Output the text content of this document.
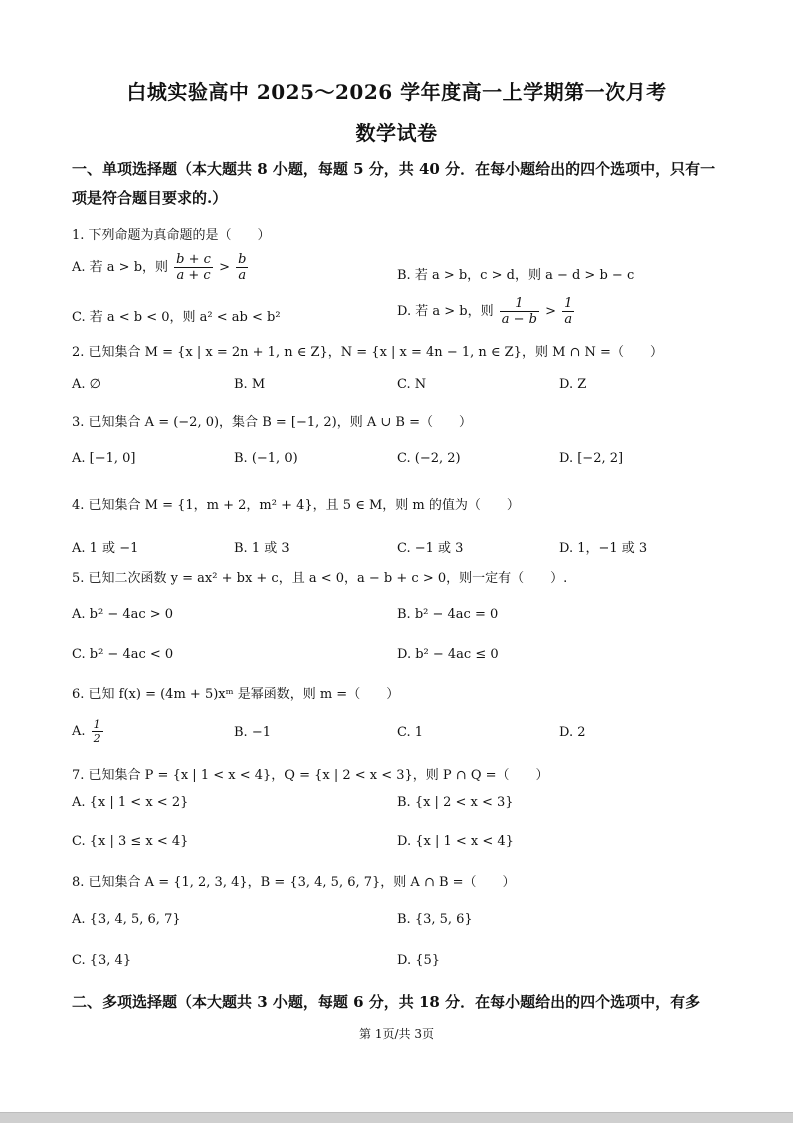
白城实验高中 2025～2026 学年度高一上学期第一次月考
数学试卷
一、单项选择题（本大题共 8 小题，每题 5 分，共 40 分．在每小题给出的四个选项中，只有一项是符合题目要求的.）
1. 下列命题为真命题的是（　　）
A. 若 a > b，则 $\frac{b + c}{a + c} > \frac{b}{a}$	B. 若 a > b，c > d，则 a − d > b − c
C. 若 a < b < 0，则 a² < ab < b²	D. 若 a > b，则 $\frac{1}{a - b} > \frac{1}{a}$
2. 已知集合 M = {x | x = 2n + 1, n ∈ Z}，N = {x | x = 4n − 1, n ∈ Z}，则 M ∩ N =（　　）
A. ∅	B. M	C. N	D. Z
3. 已知集合 A = (−2, 0)，集合 B = [−1, 2)，则 A ∪ B =（　　）
A. [−1, 0]	B. (−1, 0)	C. (−2, 2)	D. [−2, 2]
4. 已知集合 M = {1，m + 2，m² + 4}，且 5 ∈ M，则 m 的值为（　　）
A. 1 或 −1	B. 1 或 3	C. −1 或 3	D. 1，−1 或 3
5. 已知二次函数 y = ax² + bx + c，且 a < 0，a − b + c > 0，则一定有（　　）.
A. b² − 4ac > 0	B. b² − 4ac = 0
C. b² − 4ac < 0	D. b² − 4ac ≤ 0
6. 已知 f(x) = (4m + 5)xᵐ 是幂函数，则 m =（　　）
A. $\frac{1}{2}$	B. −1	C. 1	D. 2
7. 已知集合 P = {x | 1 < x < 4}，Q = {x | 2 < x < 3}，则 P ∩ Q =（　　）
A. {x | 1 < x < 2}	B. {x | 2 < x < 3}
C. {x | 3 ≤ x < 4}	D. {x | 1 < x < 4}
8. 已知集合 A = {1, 2, 3, 4}，B = {3, 4, 5, 6, 7}，则 A ∩ B =（　　）
A. {3, 4, 5, 6, 7}	B. {3, 5, 6}
C. {3, 4}	D. {5}
二、多项选择题（本大题共 3 小题，每题 6 分，共 18 分．在每小题给出的四个选项中，有多
第 1页/共 3页
